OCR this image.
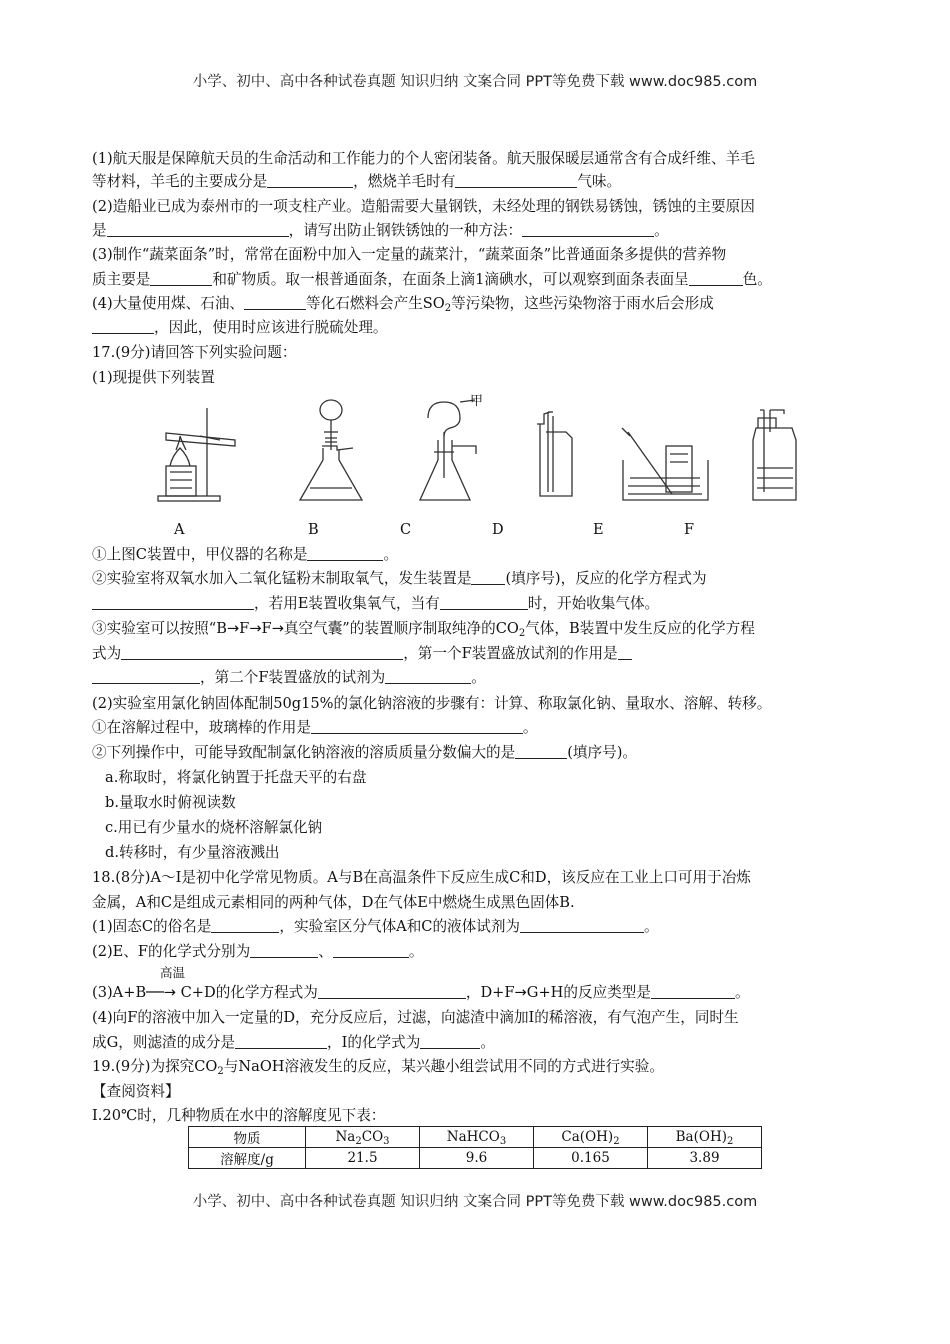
小学、初中、高中各种试卷真题 知识归纳 文案合同 PPT等免费下载 www.doc985.com
(1)航天服是保障航天员的生命活动和工作能力的个人密闭装备。航天服保暖层通常含有合成纤维、羊毛
等材料，羊毛的主要成分是	，燃烧羊毛时有	气味。
(2)造船业已成为泰州市的一项支柱产业。造船需要大量钢铁，未经处理的钢铁易锈蚀，锈蚀的主要原因
是	，请写出防止钢铁锈蚀的一种方法：	。
(3)制作“蔬菜面条”时，常常在面粉中加入一定量的蔬菜汁，“蔬菜面条”比普通面条多提供的营养物
质主要是	和矿物质。取一根普通面条，在面条上滴1滴碘水，可以观察到面条表面呈	色。
(4)大量使用煤、石油、	等化石燃料会产生$SO_2$等污染物，这些污染物溶于雨水后会形成
，因此，使用时应该进行脱硫处理。
17.(9分)请回答下列实验问题：
(1)现提供下列装置
甲
A	B	C	D	E	F
①上图C装置中，甲仪器的名称是	。
②实验室将双氧水加入二氧化锰粉末制取氧气，发生装置是 (填序号)，反应的化学方程式为
，若用E装置收集氧气，当有	时，开始收集气体。
③实验室可以按照“B→F→F→真空气囊”的装置顺序制取纯净的$CO_2$气体，B装置中发生反应的化学方程
式为	，第一个F装置盛放试剂的作用是
，第二个F装置盛放的试剂为	。
(2)实验室用氯化钠固体配制50g15%的氯化钠溶液的步骤有：计算、称取氯化钠、量取水、溶解、转移。
①在溶解过程中，玻璃棒的作用是	。
②下列操作中，可能导致配制氯化钠溶液的溶质质量分数偏大的是	(填序号)。
a.称取时，将氯化钠置于托盘天平的右盘
b.量取水时俯视读数
c.用已有少量水的烧杯溶解氯化钠
d.转移时，有少量溶液溅出
18.(8分)A～I是初中化学常见物质。A与B在高温条件下反应生成C和D，该反应在工业上口可用于冶炼
金属，A和C是组成元素相同的两种气体，D在气体E中燃烧生成黑色固体B.
(1)固态C的俗名是	，实验室区分气体A和C的液体试剂为	。
(2)E、F的化学式分别为	、	。
高温
(3)A+B──→ C+D的化学方程式为	，D+F→G+H的反应类型是	。
(4)向F的溶液中加入一定量的D，充分反应后，过滤，向滤渣中滴加I的稀溶液，有气泡产生，同时生
成G，则滤渣的成分是	，I的化学式为	。
19.(9分)为探究$CO_2$与NaOH溶液发生的反应，某兴趣小组尝试用不同的方式进行实验。
【查阅资料】
Ⅰ.20℃时，几种物质在水中的溶解度见下表：
物质	$Na_2CO_3$	NaHCO$_3$	$Ca(OH)_2$	$Ba(OH)_2$
溶解度/g	21.5	9.6	0.165	3.89
小学、初中、高中各种试卷真题 知识归纳 文案合同 PPT等免费下载 www.doc985.com
